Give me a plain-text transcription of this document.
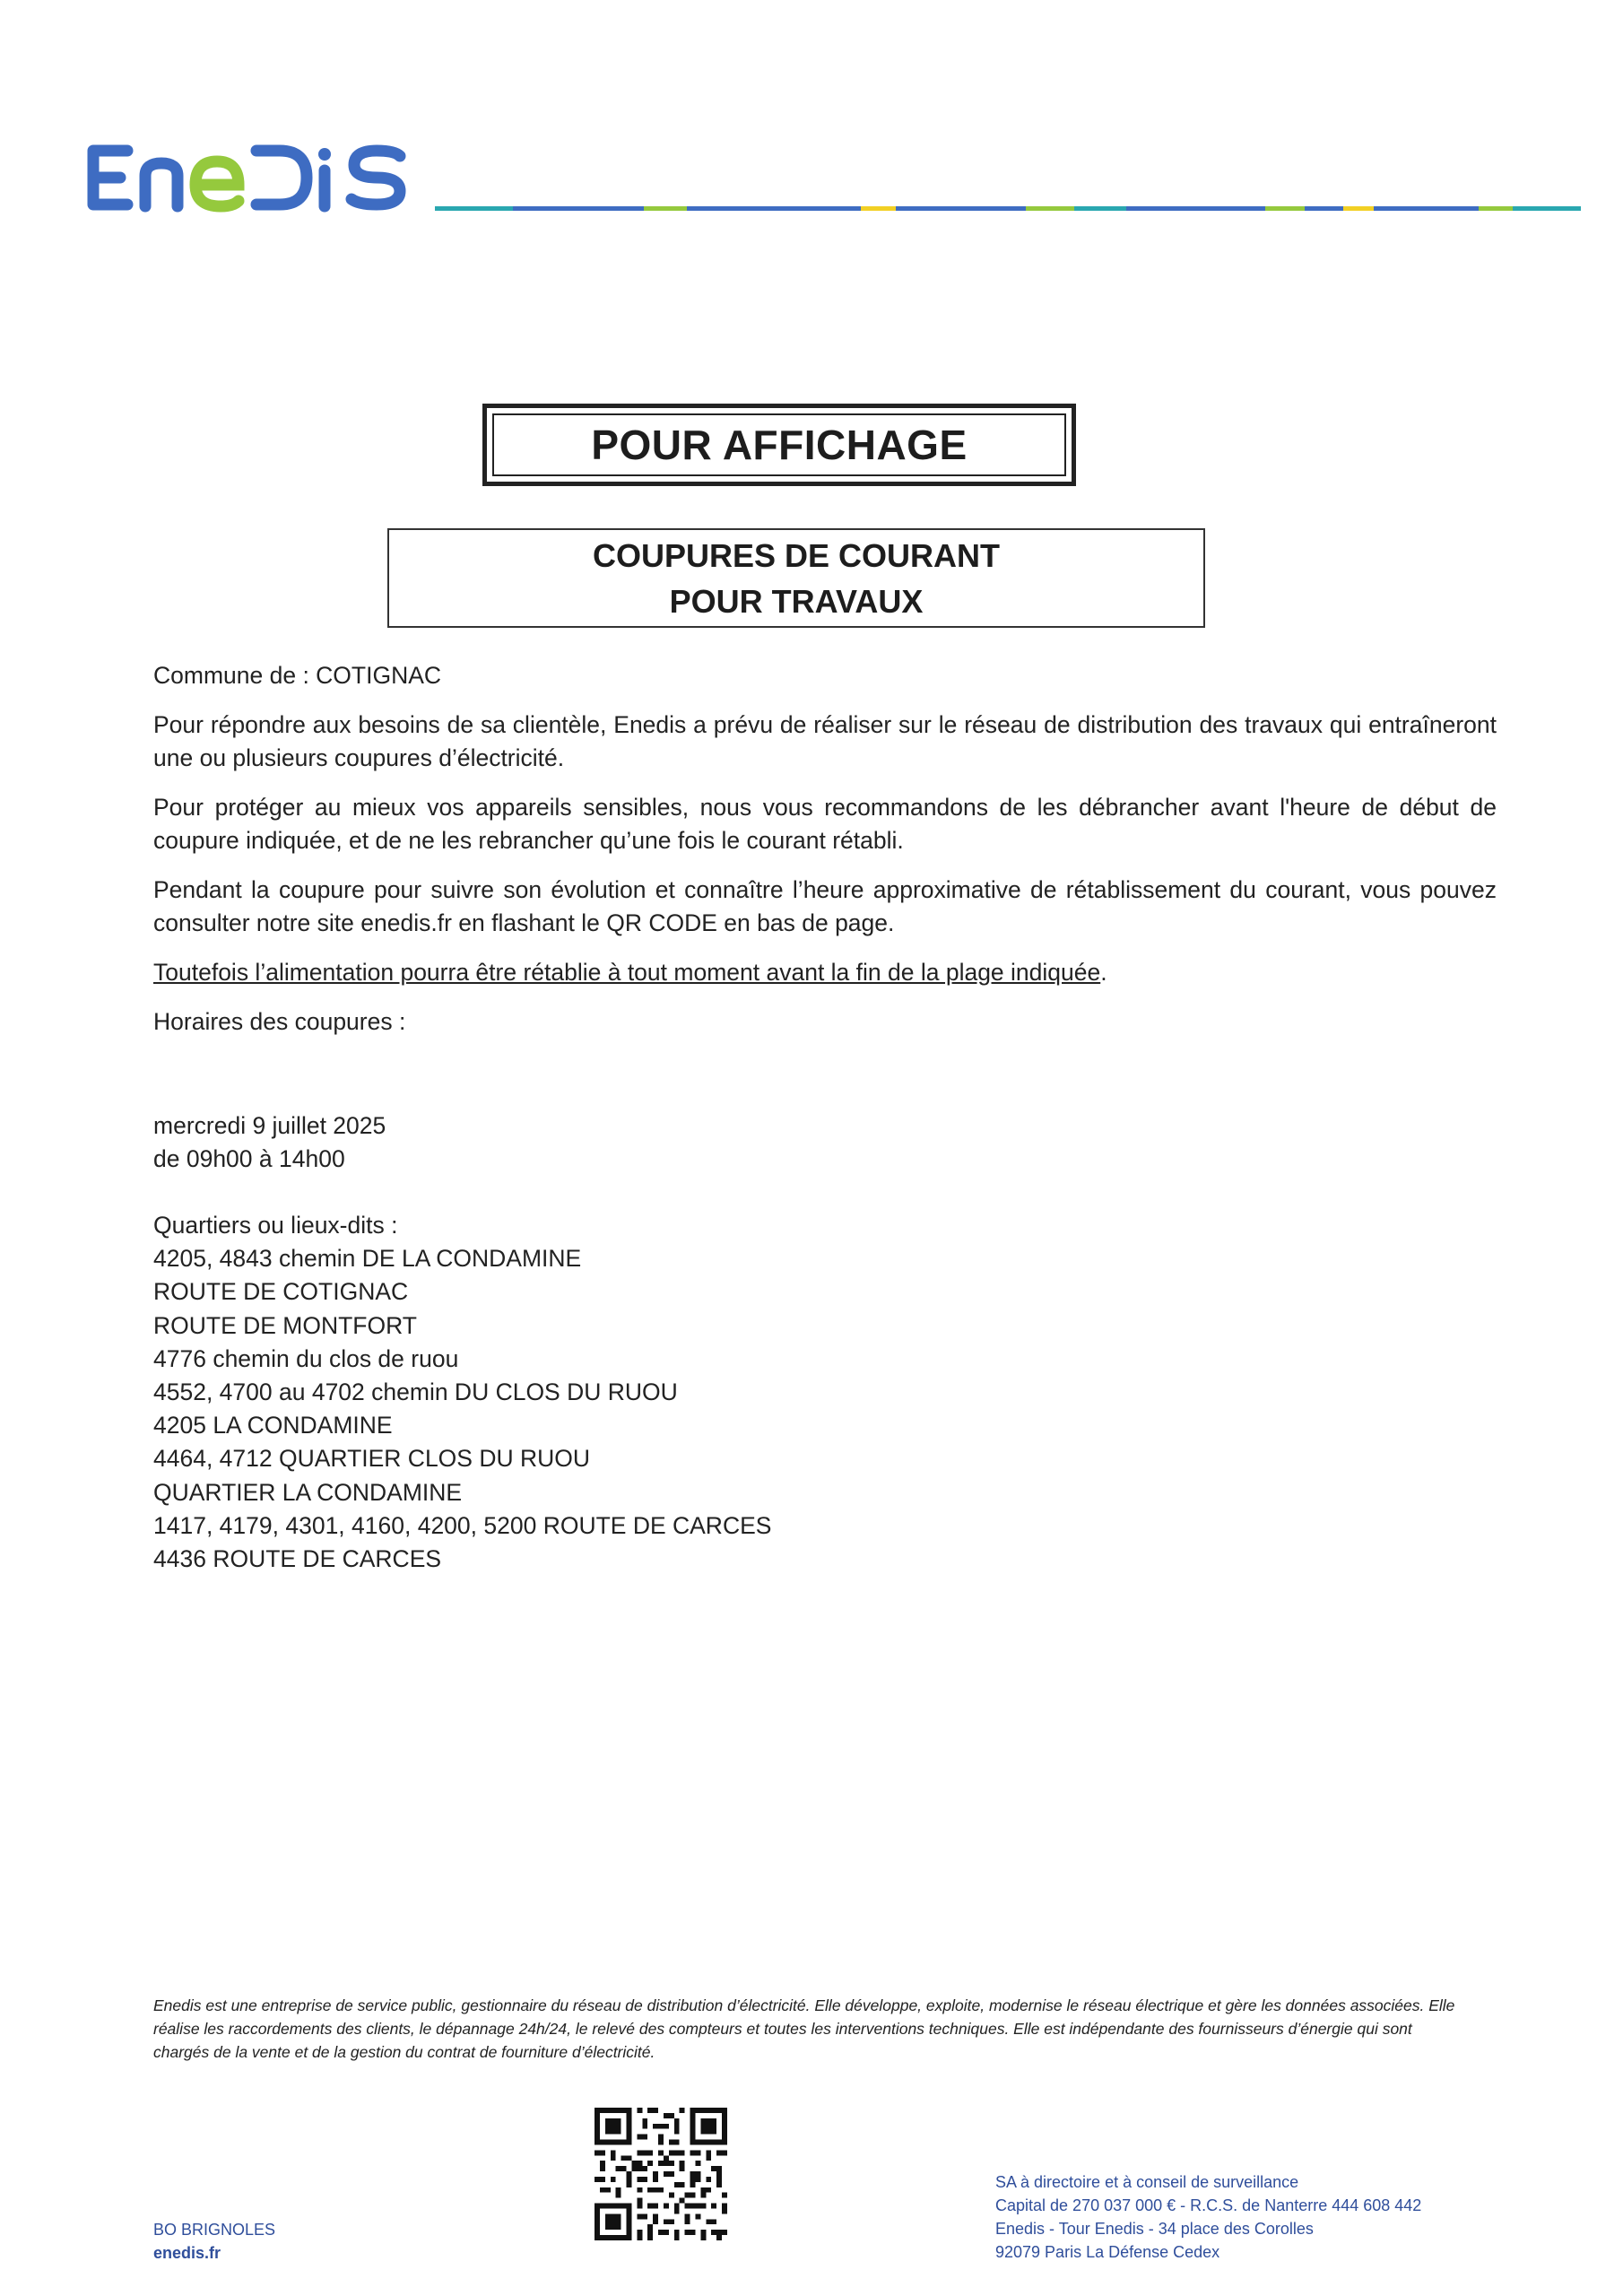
POUR AFFICHAGE
COUPURES DE COURANT
POUR TRAVAUX

Commune de : COTIGNAC

Pour répondre aux besoins de sa clientèle, Enedis a prévu de réaliser sur le réseau de distribution des travaux qui entraîneront une ou plusieurs coupures d’électricité.

Pour protéger au mieux vos appareils sensibles, nous vous recommandons de les débrancher avant l'heure de début de coupure indiquée, et de ne les rebrancher qu’une fois le courant rétabli.

Pendant la coupure pour suivre son évolution et connaître l’heure approximative de rétablissement du courant, vous pouvez consulter notre site enedis.fr en flashant le QR CODE en bas de page.

Toutefois l’alimentation pourra être rétablie à tout moment avant la fin de la plage indiquée.

Horaires des coupures :

mercredi 9 juillet 2025
de 09h00 à 14h00
Quartiers ou lieux-dits :
4205, 4843 chemin DE LA CONDAMINE
ROUTE DE COTIGNAC
ROUTE DE MONTFORT
4776 chemin du clos de ruou
4552, 4700 au 4702 chemin DU CLOS DU RUOU
4205 LA CONDAMINE
4464, 4712 QUARTIER CLOS DU RUOU
QUARTIER LA CONDAMINE
1417, 4179, 4301, 4160, 4200, 5200 ROUTE DE CARCES
4436 ROUTE DE CARCES
Enedis est une entreprise de service public, gestionnaire du réseau de distribution d’électricité. Elle développe, exploite, modernise le réseau électrique et gère les données associées. Elle réalise les raccordements des clients, le dépannage 24h/24, le relevé des compteurs et toutes les interventions techniques. Elle est indépendante des fournisseurs d’énergie qui sont chargés de la vente et de la gestion du contrat de fourniture d’électricité.
BO BRIGNOLES
enedis.fr
SA à directoire et à conseil de surveillance
Capital de 270 037 000 € - R.C.S. de Nanterre 444 608 442
Enedis - Tour Enedis - 34 place des Corolles
92079 Paris La Défense Cedex
